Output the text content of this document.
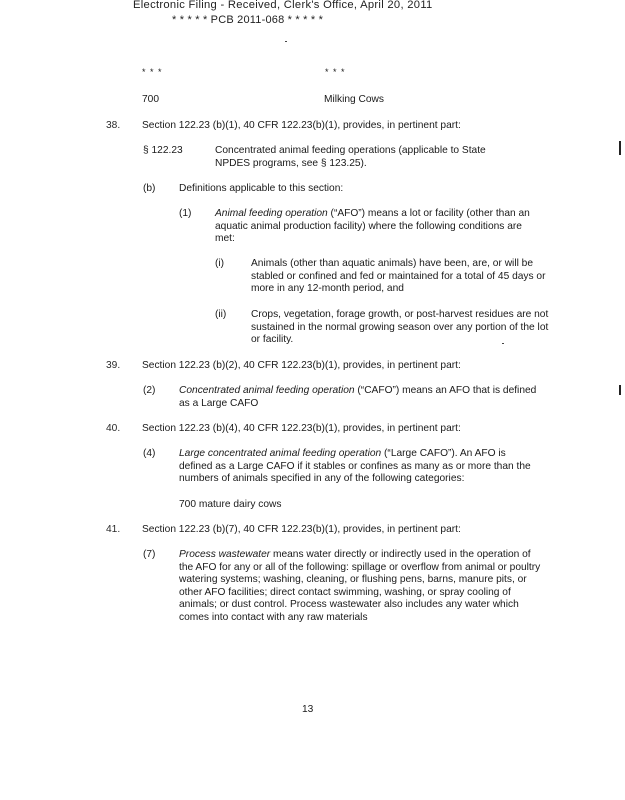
Electronic Filing - Received, Clerk's Office, April 20, 2011
* * * * * PCB 2011-068 * * * * *
* * *	* * *
700	Milking Cows
38. Section 122.23 (b)(1), 40 CFR 122.23(b)(1), provides, in pertinent part:
§ 122.23	Concentrated animal feeding operations (applicable to State NPDES programs, see § 123.25).
(b) Definitions applicable to this section:
(1) Animal feeding operation (“AFO”) means a lot or facility (other than an aquatic animal production facility) where the following conditions are met:
(i)	Animals (other than aquatic animals) have been, are, or will be stabled or confined and fed or maintained for a total of 45 days or more in any 12-month period, and
(ii) Crops, vegetation, forage growth, or post-harvest residues are not sustained in the normal growing season over any portion of the lot or facility.
39. Section 122.23 (b)(2), 40 CFR 122.23(b)(1), provides, in pertinent part:
(2) Concentrated animal feeding operation (“CAFO”) means an AFO that is defined as a Large CAFO
40. Section 122.23 (b)(4), 40 CFR 122.23(b)(1), provides, in pertinent part:
(4) Large concentrated animal feeding operation (“Large CAFO”). An AFO is defined as a Large CAFO if it stables or confines as many as or more than the numbers of animals specified in any of the following categories:
700 mature dairy cows
41. Section 122.23 (b)(7), 40 CFR 122.23(b)(1), provides, in pertinent part:
(7) Process wastewater means water directly or indirectly used in the operation of the AFO for any or all of the following: spillage or overflow from animal or poultry watering systems; washing, cleaning, or flushing pens, barns, manure pits, or other AFO facilities; direct contact swimming, washing, or spray cooling of animals; or dust control. Process wastewater also includes any water which comes into contact with any raw materials
13
